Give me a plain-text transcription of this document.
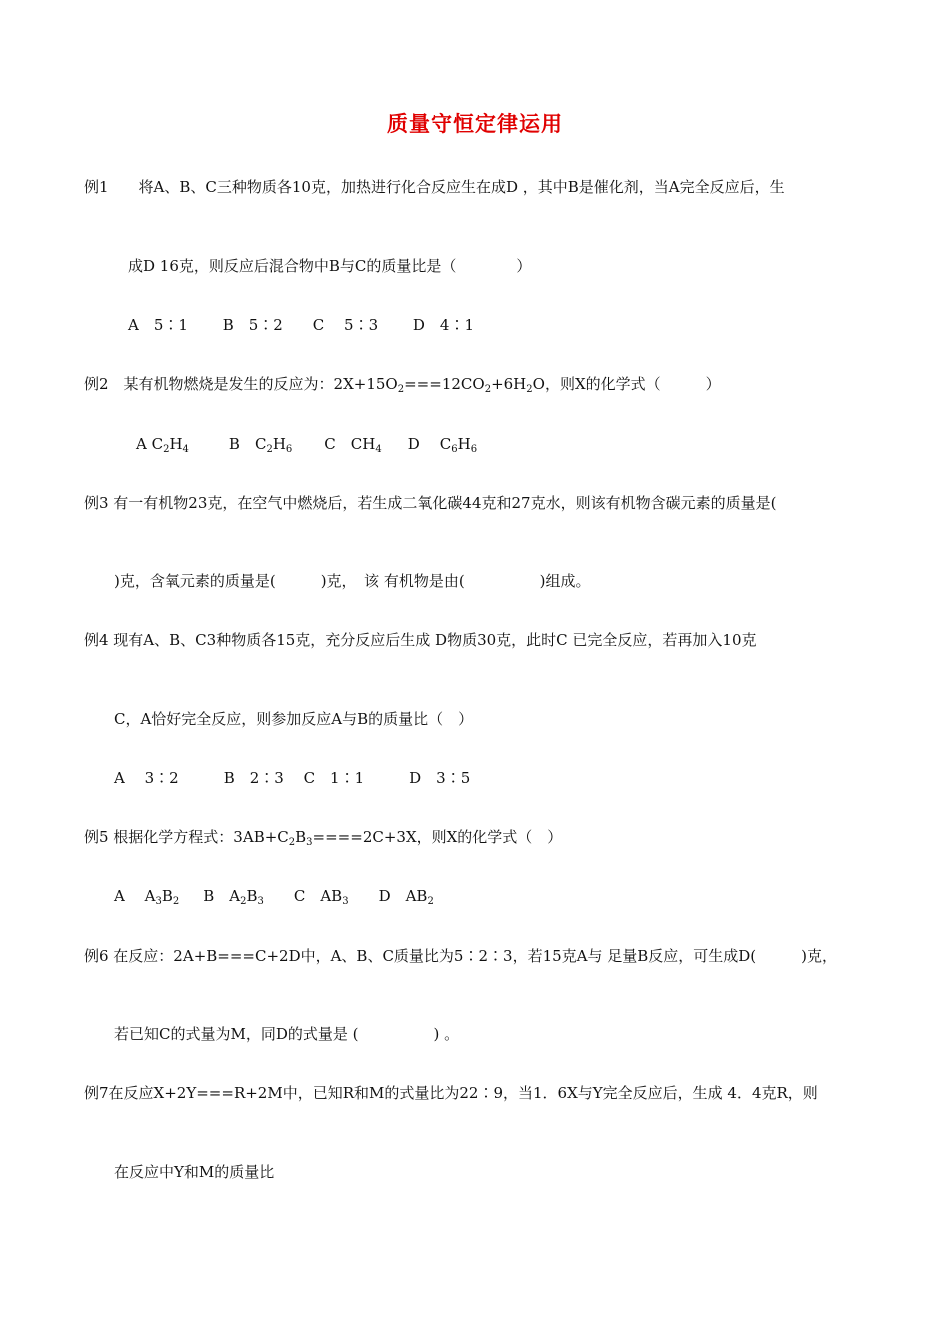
质量守恒定律运用
例1　　将A、B、C三种物质各10克，加热进行化合反应生在成D ，其中B是催化剂，当A完全反应后，生
成D 16克，则反应后混合物中B与C的质量比是（　　　　）
A　5∶1　　 B　5∶2　　C　 5∶3　　 D　4∶1
例2　某有机物燃烧是发生的反应为：$2X+15O_2===12CO_2+6H_2O$，则X的化学式（　　　）
A $C_2H_4$	B　$C_2H_6$ C　$CH_4$ D $C_6H_6$
例3 有一有机物23克，在空气中燃烧后，若生成二氧化碳44克和27克水，则该有机物含碳元素的质量是(
)克，含氧元素的质量是(　　　)克，　该 有机物是由(　　　　　)组成。
例4 现有A、B、C3种物质各15克，充分反应后生成 D物质30克，此时C 已完全反应，若再加入10克
C，A恰好完全反应，则参加反应A与B的质量比（　）
A　 3∶2　　　B　2∶3　 C　1∶1　　　D　3∶5
例5 根据化学方程式：$3AB+C_2B_3====2C+3X$，则X的化学式（　）
A　 $A_3B_2$ B　$A_2B_3$ C　$AB_3$ D　$AB_2$
例6 在反应：2A+B===C+2D中，A、B、C质量比为5∶2∶3，若15克A与 足量B反应，可生成D(　　　)克，
若已知C的式量为M，同D的式量是 (　　　　　) 。
例7在反应X+2Y===R+2M中，已知R和M的式量比为22∶9，当1．6X与Y完全反应后，生成 4．4克R，则
在反应中Y和M的质量比
